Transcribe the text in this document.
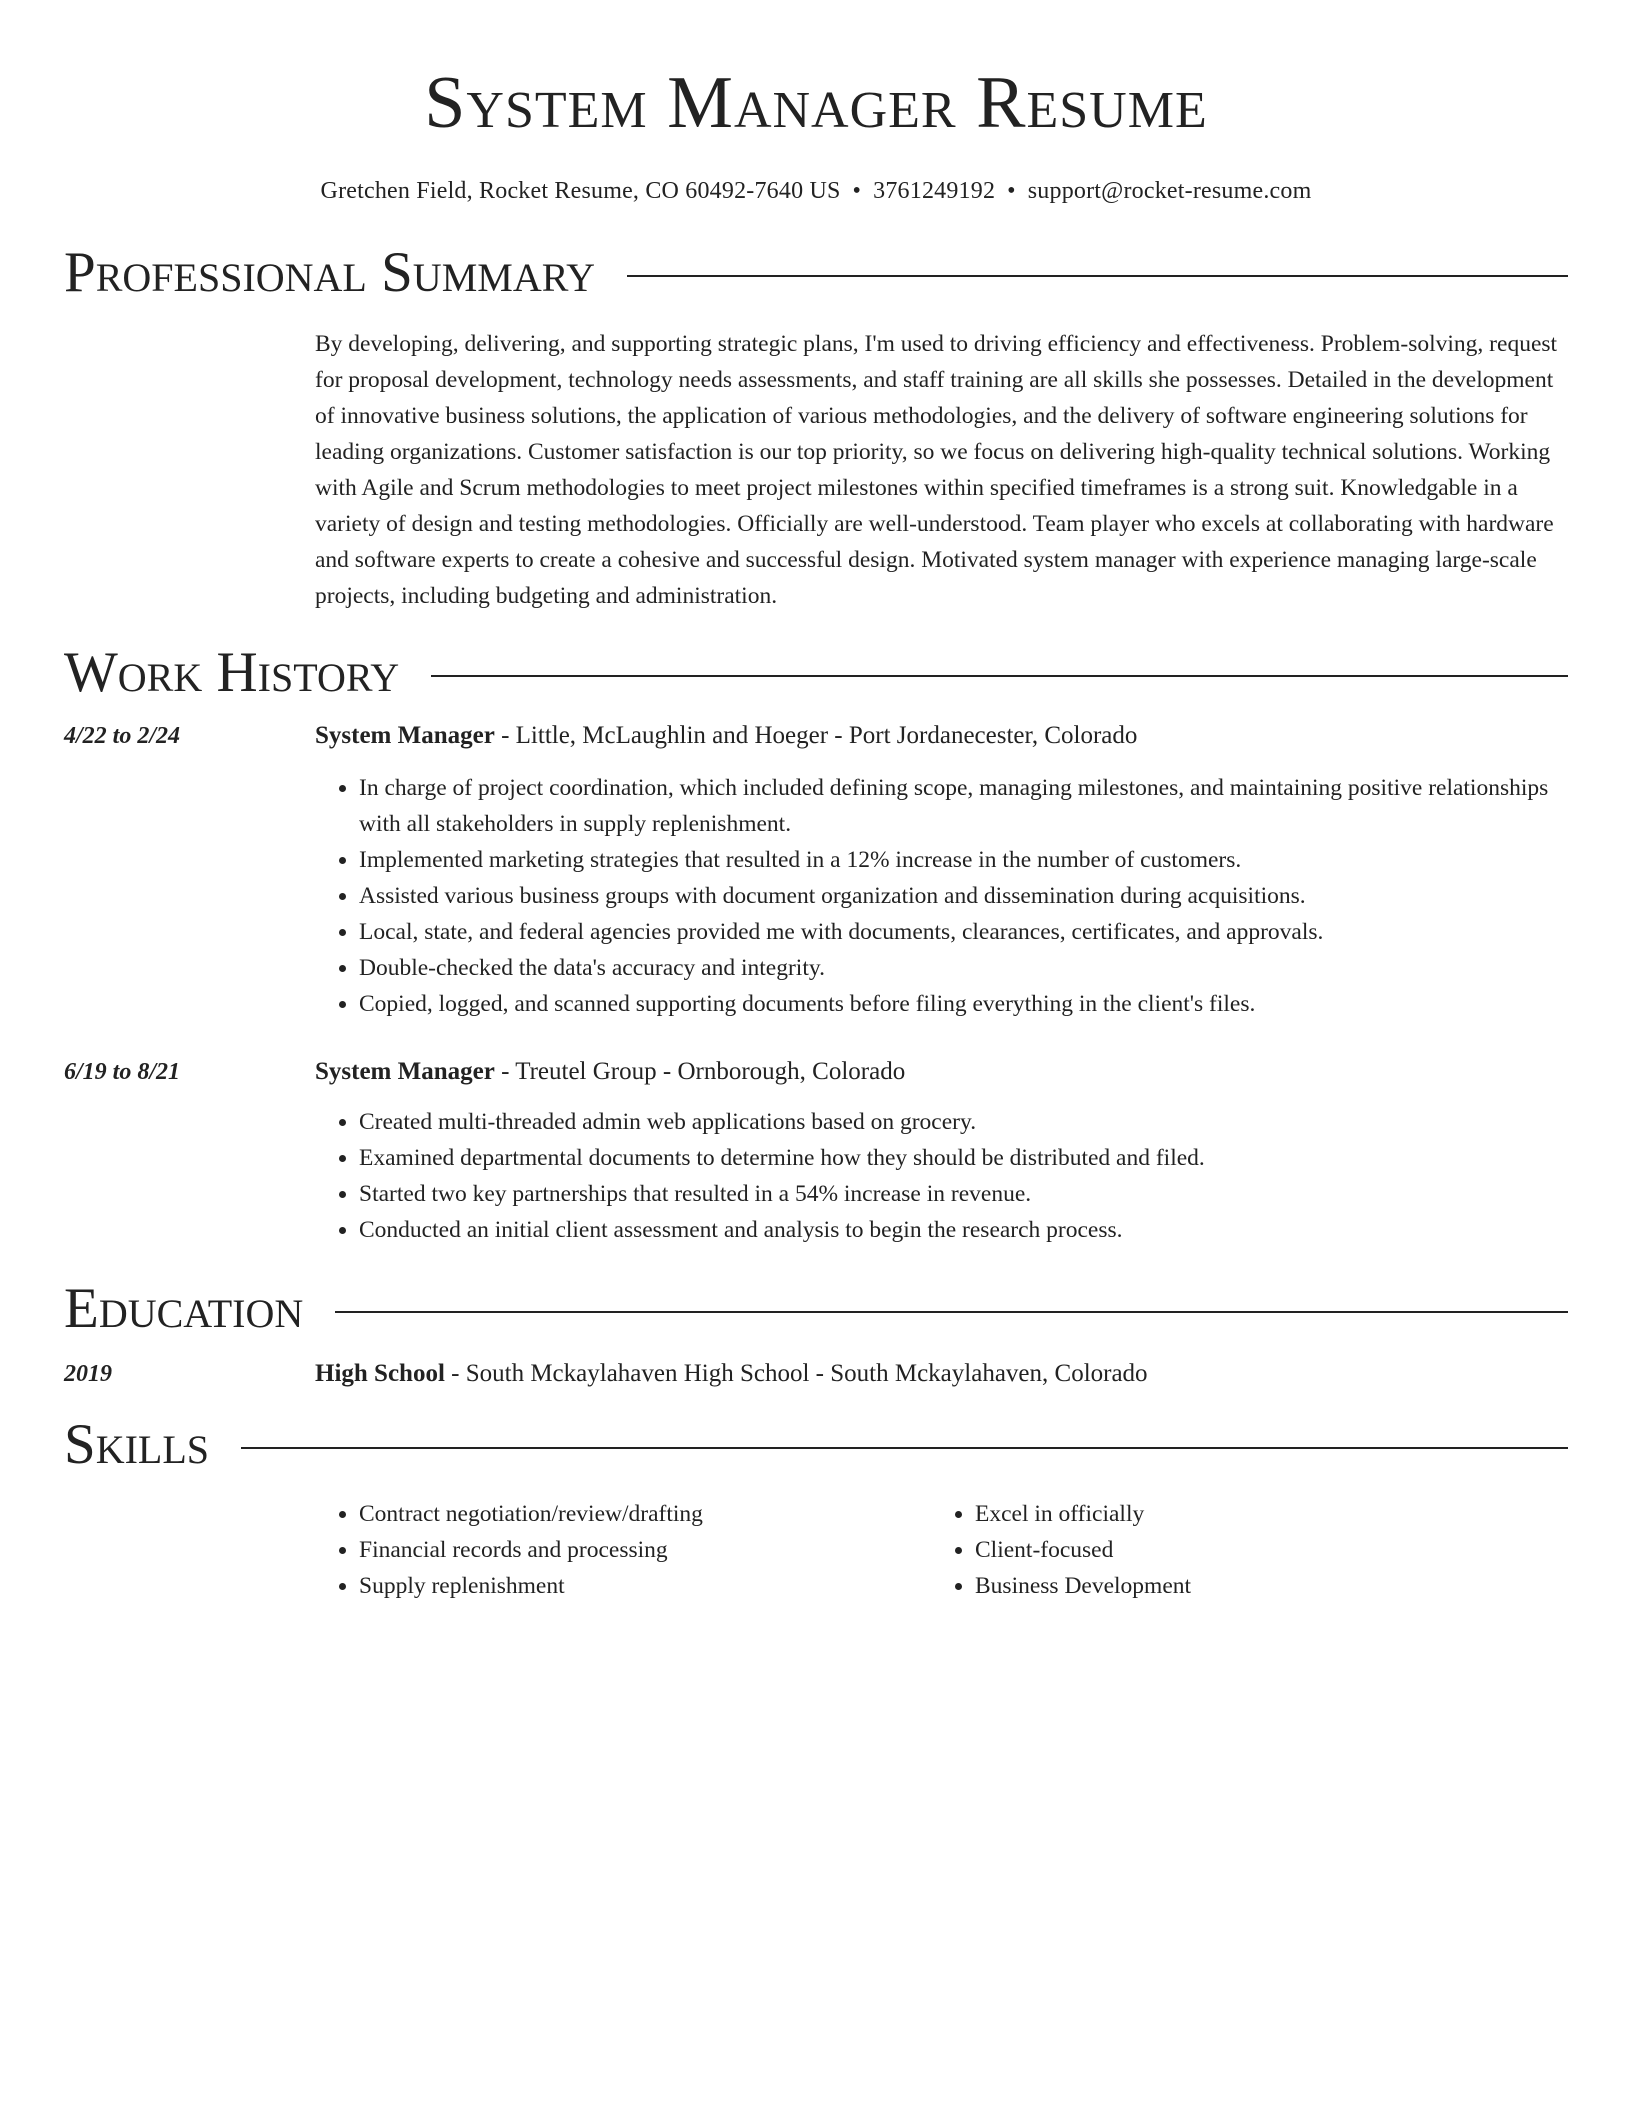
System Manager Resume
Gretchen Field, Rocket Resume, CO 60492-7640 US • 3761249192 • support@rocket-resume.com
Professional Summary
By developing, delivering, and supporting strategic plans, I'm used to driving efficiency and effectiveness. Problem-solving, request for proposal development, technology needs assessments, and staff training are all skills she possesses. Detailed in the development of innovative business solutions, the application of various methodologies, and the delivery of software engineering solutions for leading organizations. Customer satisfaction is our top priority, so we focus on delivering high-quality technical solutions. Working with Agile and Scrum methodologies to meet project milestones within specified timeframes is a strong suit. Knowledgable in a variety of design and testing methodologies. Officially are well-understood. Team player who excels at collaborating with hardware and software experts to create a cohesive and successful design. Motivated system manager with experience managing large-scale projects, including budgeting and administration.
Work History
4/22 to 2/24	System Manager - Little, McLaughlin and Hoeger - Port Jordanecester, Colorado
• In charge of project coordination, which included defining scope, managing milestones, and maintaining positive relationships with all stakeholders in supply replenishment.
• Implemented marketing strategies that resulted in a 12% increase in the number of customers.
• Assisted various business groups with document organization and dissemination during acquisitions.
• Local, state, and federal agencies provided me with documents, clearances, certificates, and approvals.
• Double-checked the data's accuracy and integrity.
• Copied, logged, and scanned supporting documents before filing everything in the client's files.
6/19 to 8/21	System Manager - Treutel Group - Ornborough, Colorado
• Created multi-threaded admin web applications based on grocery.
• Examined departmental documents to determine how they should be distributed and filed.
• Started two key partnerships that resulted in a 54% increase in revenue.
• Conducted an initial client assessment and analysis to begin the research process.
Education
2019	High School - South Mckaylahaven High School - South Mckaylahaven, Colorado
Skills
• Contract negotiation/review/drafting
• Financial records and processing
• Supply replenishment
• Excel in officially
• Client-focused
• Business Development
